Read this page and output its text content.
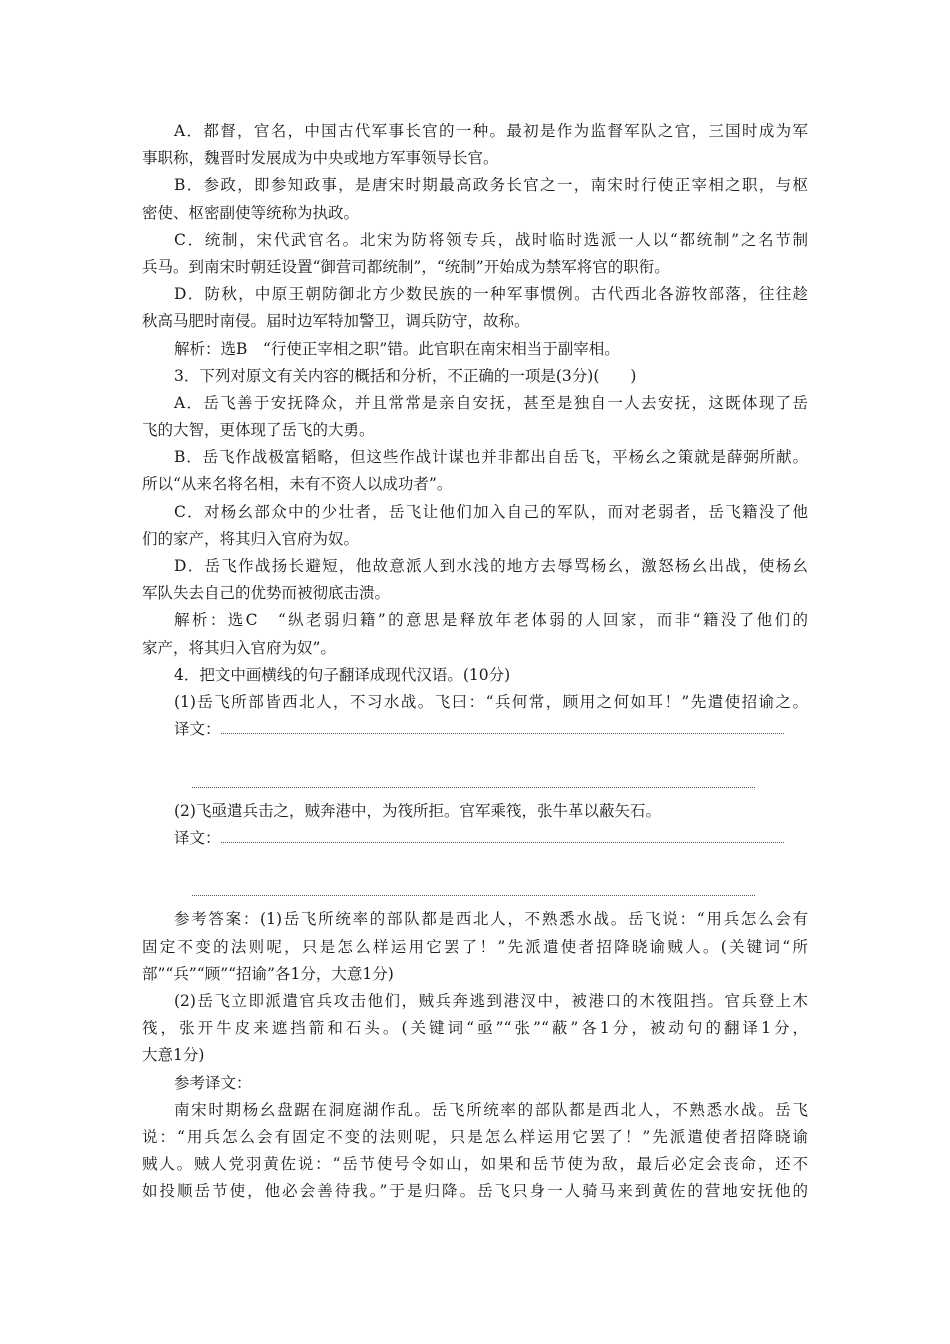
A．都督，官名，中国古代军事长官的一种。最初是作为监督军队之官，三国时成为军
事职称，魏晋时发展成为中央或地方军事领导长官。
B．参政，即参知政事，是唐宋时期最高政务长官之一，南宋时行使正宰相之职，与枢
密使、枢密副使等统称为执政。
C．统制，宋代武官名。北宋为防将领专兵，战时临时选派一人以“都统制”之名节制
兵马。到南宋时朝廷设置“御营司都统制”，“统制”开始成为禁军将官的职衔。
D．防秋，中原王朝防御北方少数民族的一种军事惯例。古代西北各游牧部落，往往趁
秋高马肥时南侵。届时边军特加警卫，调兵防守，故称。
解析：选B　“行使正宰相之职”错。此官职在南宋相当于副宰相。
3．下列对原文有关内容的概括和分析，不正确的一项是(3分)(　　)
A．岳飞善于安抚降众，并且常常是亲自安抚，甚至是独自一人去安抚，这既体现了岳
飞的大智，更体现了岳飞的大勇。
B．岳飞作战极富韬略，但这些作战计谋也并非都出自岳飞，平杨幺之策就是薛弼所献。
所以“从来名将名相，未有不资人以成功者”。
C．对杨幺部众中的少壮者，岳飞让他们加入自己的军队，而对老弱者，岳飞籍没了他
们的家产，将其归入官府为奴。
D．岳飞作战扬长避短，他故意派人到水浅的地方去辱骂杨幺，激怒杨幺出战，使杨幺
军队失去自己的优势而被彻底击溃。
解析：选C　“纵老弱归籍”的意思是释放年老体弱的人回家，而非“籍没了他们的
家产，将其归入官府为奴”。
4．把文中画横线的句子翻译成现代汉语。(10分)
(1)岳飞所部皆西北人，不习水战。飞曰：“兵何常，顾用之何如耳！”先遣使招谕之。
译文：
(2)飞亟遣兵击之，贼奔港中，为筏所拒。官军乘筏，张牛革以蔽矢石。
译文：
参考答案：(1)岳飞所统率的部队都是西北人，不熟悉水战。岳飞说：“用兵怎么会有
固定不变的法则呢，只是怎么样运用它罢了！”先派遣使者招降晓谕贼人。(关键词“所
部”“兵”“顾”“招谕”各1分，大意1分)
(2)岳飞立即派遣官兵攻击他们，贼兵奔逃到港汊中，被港口的木筏阻挡。官兵登上木
筏，张开牛皮来遮挡箭和石头。(关键词“亟”“张”“蔽”各1分，被动句的翻译1分，
大意1分)
参考译文：
南宋时期杨幺盘踞在洞庭湖作乱。岳飞所统率的部队都是西北人，不熟悉水战。岳飞
说：“用兵怎么会有固定不变的法则呢，只是怎么样运用它罢了！”先派遣使者招降晓谕
贼人。贼人党羽黄佐说：“岳节使号令如山，如果和岳节使为敌，最后必定会丧命，还不
如投顺岳节使，他必会善待我。”于是归降。岳飞只身一人骑马来到黄佐的营地安抚他的
